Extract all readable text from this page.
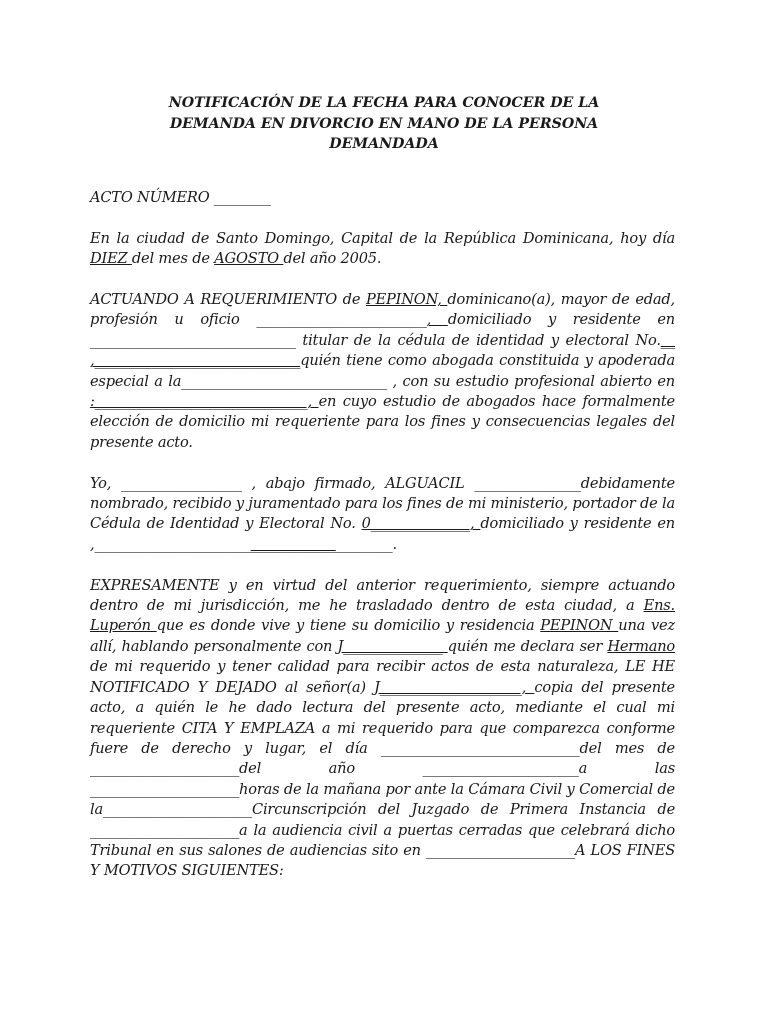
NOTIFICACIÓN DE LA FECHA PARA CONOCER DE LA
DEMANDA EN DIVORCIO EN MANO DE LA PERSONA
DEMANDADA

ACTO NÚMERO ________

En la ciudad de Santo Domingo, Capital de la República Dominicana, hoy día DIEZ del mes de AGOSTO del año 2005.

ACTUANDO A REQUERIMIENTO de PEPINON, dominicano(a), mayor de edad, profesión u oficio ________________________, domiciliado y residente en _____________________________ titular de la cédula de identidad y electoral No.__ ,_____________________________quién tiene como abogada constituida y apoderada especial a la_____________________________ , con su estudio profesional abierto en :______________________________, en cuyo estudio de abogados hace formalmente elección de domicilio mi requeriente para los fines y consecuencias legales del presente acto.

Yo, _________________ , abajo firmado, ALGUACIL _______________debidamente nombrado, recibido y juramentado para los fines de mi ministerio, portador de la Cédula de Identidad y Electoral No. 0______________, domiciliado y residente en ,__________________________________________.

EXPRESAMENTE y en virtud del anterior requerimiento, siempre actuando dentro de mi jurisdicción, me he trasladado dentro de esta ciudad, a Ens. Luperón que es donde vive y tiene su domicilio y residencia PEPINON una vez allí, hablando personalmente con J______________ quién me declara ser Hermano de mi requerido y tener calidad para recibir actos de esta naturaleza, LE HE NOTIFICADO Y DEJADO al señor(a) J____________________, copia del presente acto, a quién le he dado lectura del presente acto, mediante el cual mi requeriente CITA Y EMPLAZA a mi requerido para que comparezca conforme fuere de derecho y lugar, el día ____________________________del mes de _____________________del año ______________________a las _____________________horas de la mañana por ante la Cámara Civil y Comercial de la_____________________Circunscripción del Juzgado de Primera Instancia de _____________________a la audiencia civil a puertas cerradas que celebrará dicho Tribunal en sus salones de audiencias sito en _____________________A LOS FINES Y MOTIVOS SIGUIENTES:
